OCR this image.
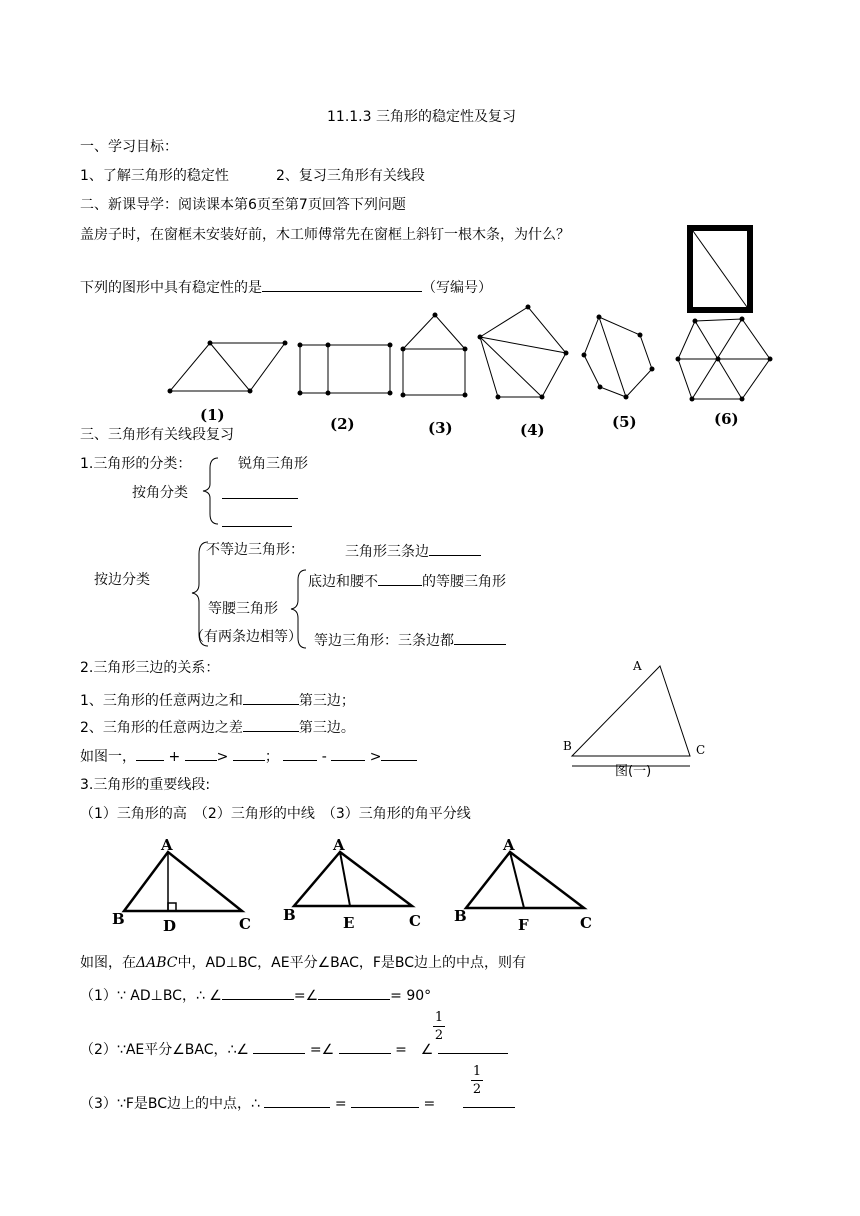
11.1.3 三角形的稳定性及复习
一、学习目标：
1、了解三角形的稳定性	2、复习三角形有关线段
二、新课导学：阅读课本第6页至第7页回答下列问题
盖房子时，在窗框未安装好前，木工师傅常先在窗框上斜钉一根木条，为什么？
下列的图形中具有稳定性的是	（写编号）
(1)	(2)	(3)	(4)	(5)	(6)
三、三角形有关线段复习
1.三角形的分类：	锐角三角形
按角分类
不等边三角形：	三角形三条边
按边分类
等腰三角形
（有两条边相等）
底边和腰不	的等腰三角形
等边三角形：三条边都
2.三角形三边的关系：
1、三角形的任意两边之和	第三边；
2、三角形的任意两边之差	第三边。
如图一， +	>	；	-	>
A
B	C
图(一)
3.三角形的重要线段:
（1）三角形的高　（2）三角形的中线　（3）三角形的角平分线
A
B	C
D
A
B	C
E
A
B	C
F
如图，在ΔABC中，AD⊥BC，AE平分∠BAC，F是BC边上的中点，则有
（1）∵ AD⊥BC，∴ ∠	=∠	= 90°
（2）∵AE平分∠BAC，∴∠	=∠	= ∠
1
2
（3）∵F是BC边上的中点，∴	=	=
1
2
